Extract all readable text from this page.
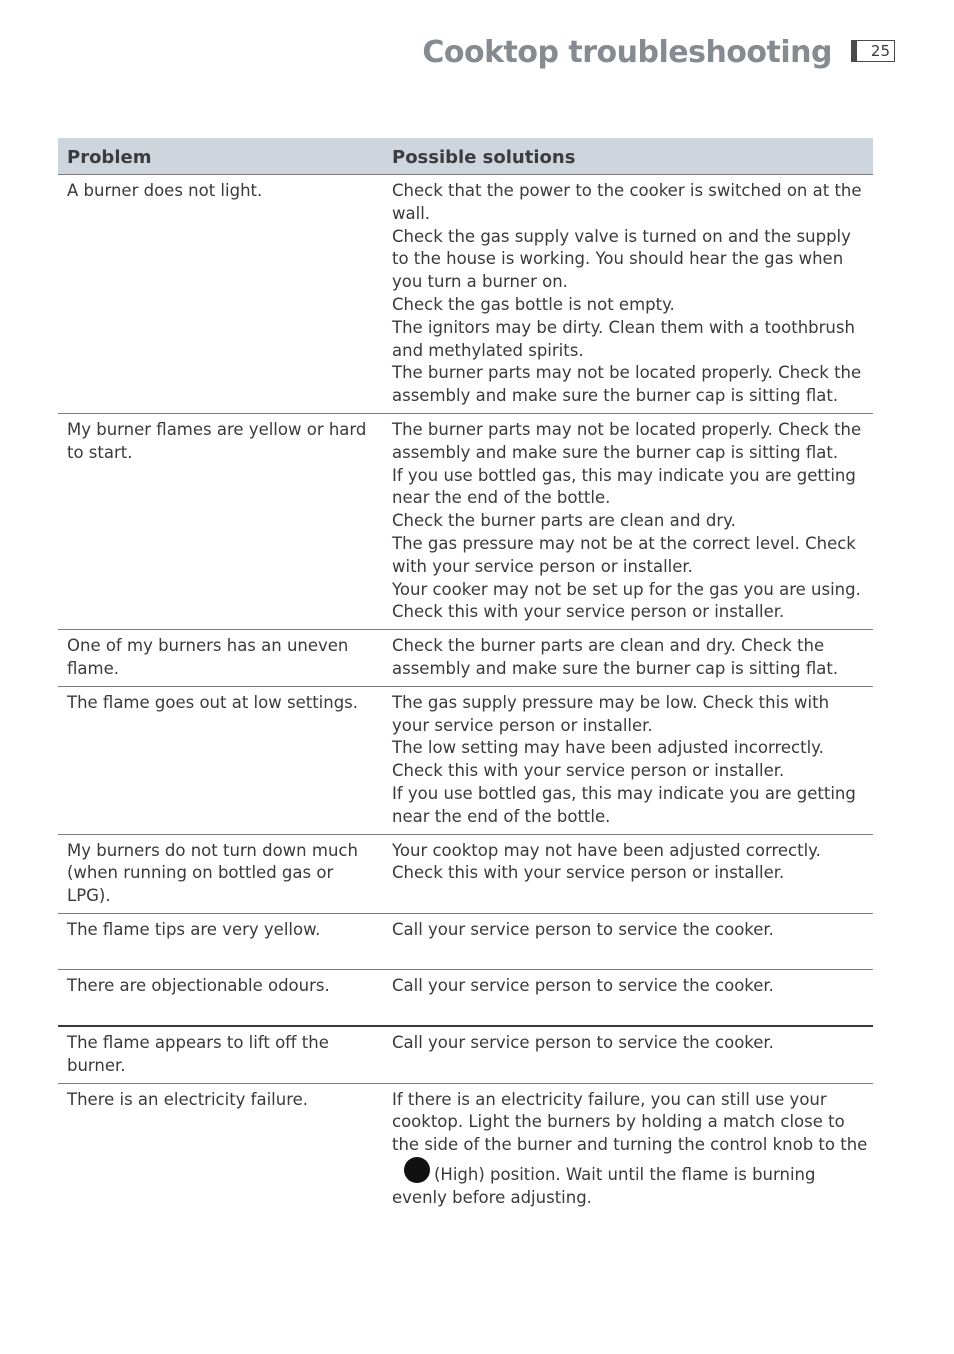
Cooktop troubleshooting	25
Problem	Possible solutions
A burner does not light.	Check that the power to the cooker is switched on at the wall.
Check the gas supply valve is turned on and the supply to the house is working. You should hear the gas when you turn a burner on.
Check the gas bottle is not empty.
The ignitors may be dirty. Clean them with a toothbrush and methylated spirits.
The burner parts may not be located properly. Check the assembly and make sure the burner cap is sitting flat.

My burner flames are yellow or hard to start.	The burner parts may not be located properly. Check the assembly and make sure the burner cap is sitting flat.
If you use bottled gas, this may indicate you are getting near the end of the bottle.
Check the burner parts are clean and dry.
The gas pressure may not be at the correct level. Check with your service person or installer.
Your cooker may not be set up for the gas you are using. Check this with your service person or installer.

One of my burners has an uneven flame.	Check the burner parts are clean and dry. Check the assembly and make sure the burner cap is sitting flat.

The flame goes out at low settings.	The gas supply pressure may be low. Check this with your service person or installer.
The low setting may have been adjusted incorrectly. Check this with your service person or installer.
If you use bottled gas, this may indicate you are getting near the end of the bottle.

My burners do not turn down much (when running on bottled gas or LPG).	Your cooktop may not have been adjusted correctly. Check this with your service person or installer.

The flame tips are very yellow.	Call your service person to service the cooker.

There are objectionable odours.	Call your service person to service the cooker.

The flame appears to lift off the burner.	Call your service person to service the cooker.

There is an electricity failure.	If there is an electricity failure, you can still use your cooktop. Light the burners by holding a match close to the side of the burner and turning the control knob to the(High) position. Wait until the flame is burning evenly before adjusting.
